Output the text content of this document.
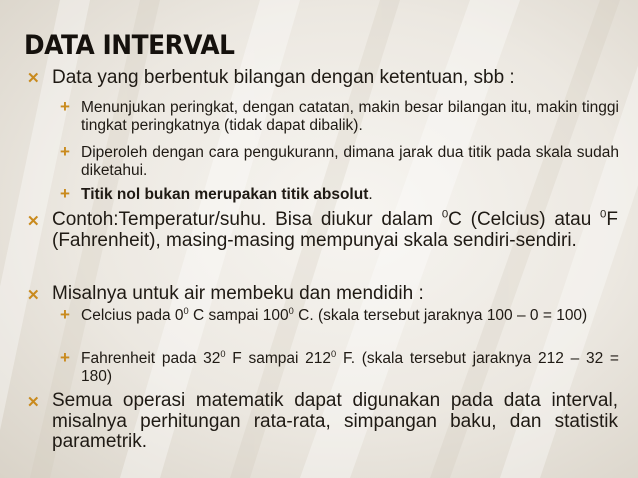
DATA INTERVAL
✕ Data yang berbentuk bilangan dengan ketentuan, sbb :
+ Menunjukan peringkat, dengan catatan, makin besar bilangan itu, makin tinggi tingkat peringkatnya (tidak dapat dibalik).
+ Diperoleh dengan cara pengukurann, dimana jarak dua titik pada skala sudah diketahui.
+ Titik nol bukan merupakan titik absolut.
✕ Contoh:Temperatur/suhu. Bisa diukur dalam $^0$C (Celcius) atau $^0$F (Fahrenheit), masing-masing mempunyai skala sendiri-sendiri.
✕ Misalnya untuk air membeku dan mendidih :
+ Celcius pada $0^0$ C sampai $100^0$ C. (skala tersebut jaraknya 100 – 0 = 100)
+ Fahrenheit pada $32^0$ F sampai $212^0$ F. (skala tersebut jaraknya 212 – 32 = 180)
✕ Semua operasi matematik dapat digunakan pada data interval, misalnya perhitungan rata-rata, simpangan baku, dan statistik parametrik.
